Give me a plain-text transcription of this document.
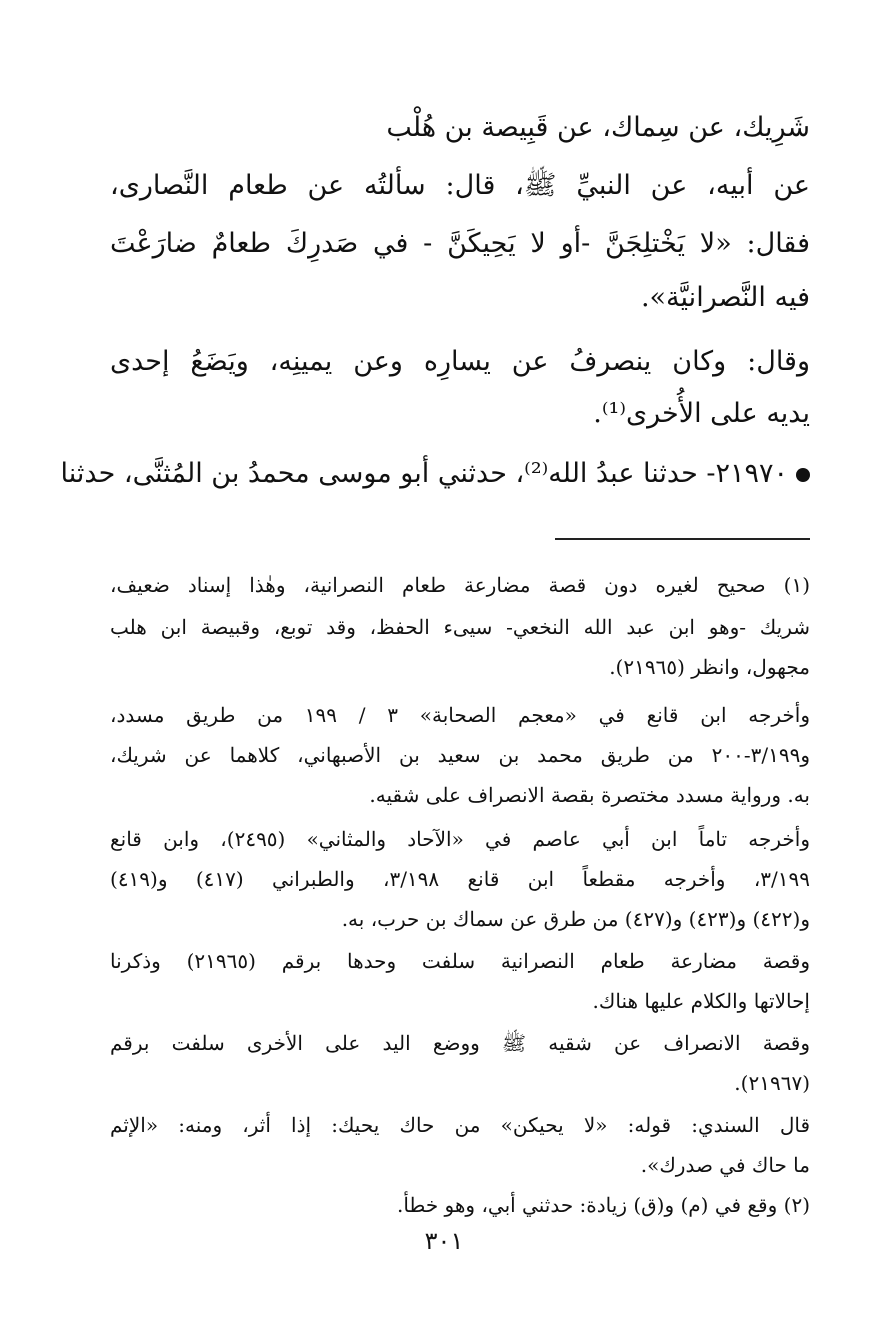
شَرِيك، عن سِماك، عن قَبِيصة بن هُلْب
عن أبيه، عن النبيِّ ﷺ، قال: سألتُه عن طعام النَّصارى،
فقال: «لا يَخْتلِجَنَّ -أو لا يَحِيكَنَّ - في صَدرِكَ طعامٌ ضارَعْتَ
فيه النَّصرانيَّة».
وقال: وكان ينصرفُ عن يسارِه وعن يمينِه، ويَضَعُ إحدى
يديه على الأُخرى⁽¹⁾.
٢١٩٧٠- حدثنا عبدُ الله⁽²⁾، حدثني أبو موسى محمدُ بن المُثنَّى، حدثنا
(١) صحيح لغيره دون قصة مضارعة طعام النصرانية، وهٰذا إسناد ضعيف،
شريك -وهو ابن عبد الله النخعي- سيىء الحفظ، وقد توبع، وقبيصة ابن هلب
مجهول، وانظر (٢١٩٦٥).
وأخرجه ابن قانع في «معجم الصحابة» ٣ / ١٩٩ من طريق مسدد،
و٣/١٩٩-٢٠٠ من طريق محمد بن سعيد بن الأصبهاني، كلاهما عن شريك،
به. ورواية مسدد مختصرة بقصة الانصراف على شقيه.
وأخرجه تاماً ابن أبي عاصم في «الآحاد والمثاني» (٢٤٩٥)، وابن قانع
٣/١٩٩، وأخرجه مقطعاً ابن قانع ٣/١٩٨، والطبراني (٤١٧) و(٤١٩)
و(٤٢٢) و(٤٢٣) و(٤٢٧) من طرق عن سماك بن حرب، به.
وقصة مضارعة طعام النصرانية سلفت وحدها برقم (٢١٩٦٥) وذكرنا
إحالاتها والكلام عليها هناك.
وقصة الانصراف عن شقيه ﷺ ووضع اليد على الأخرى سلفت برقم
(٢١٩٦٧).
قال السندي: قوله: «لا يحيكن» من حاك يحيك: إذا أثر، ومنه: «الإثم
ما حاك في صدرك».
(٢) وقع في (م) و(ق) زيادة: حدثني أبي، وهو خطأ.
٣٠١
